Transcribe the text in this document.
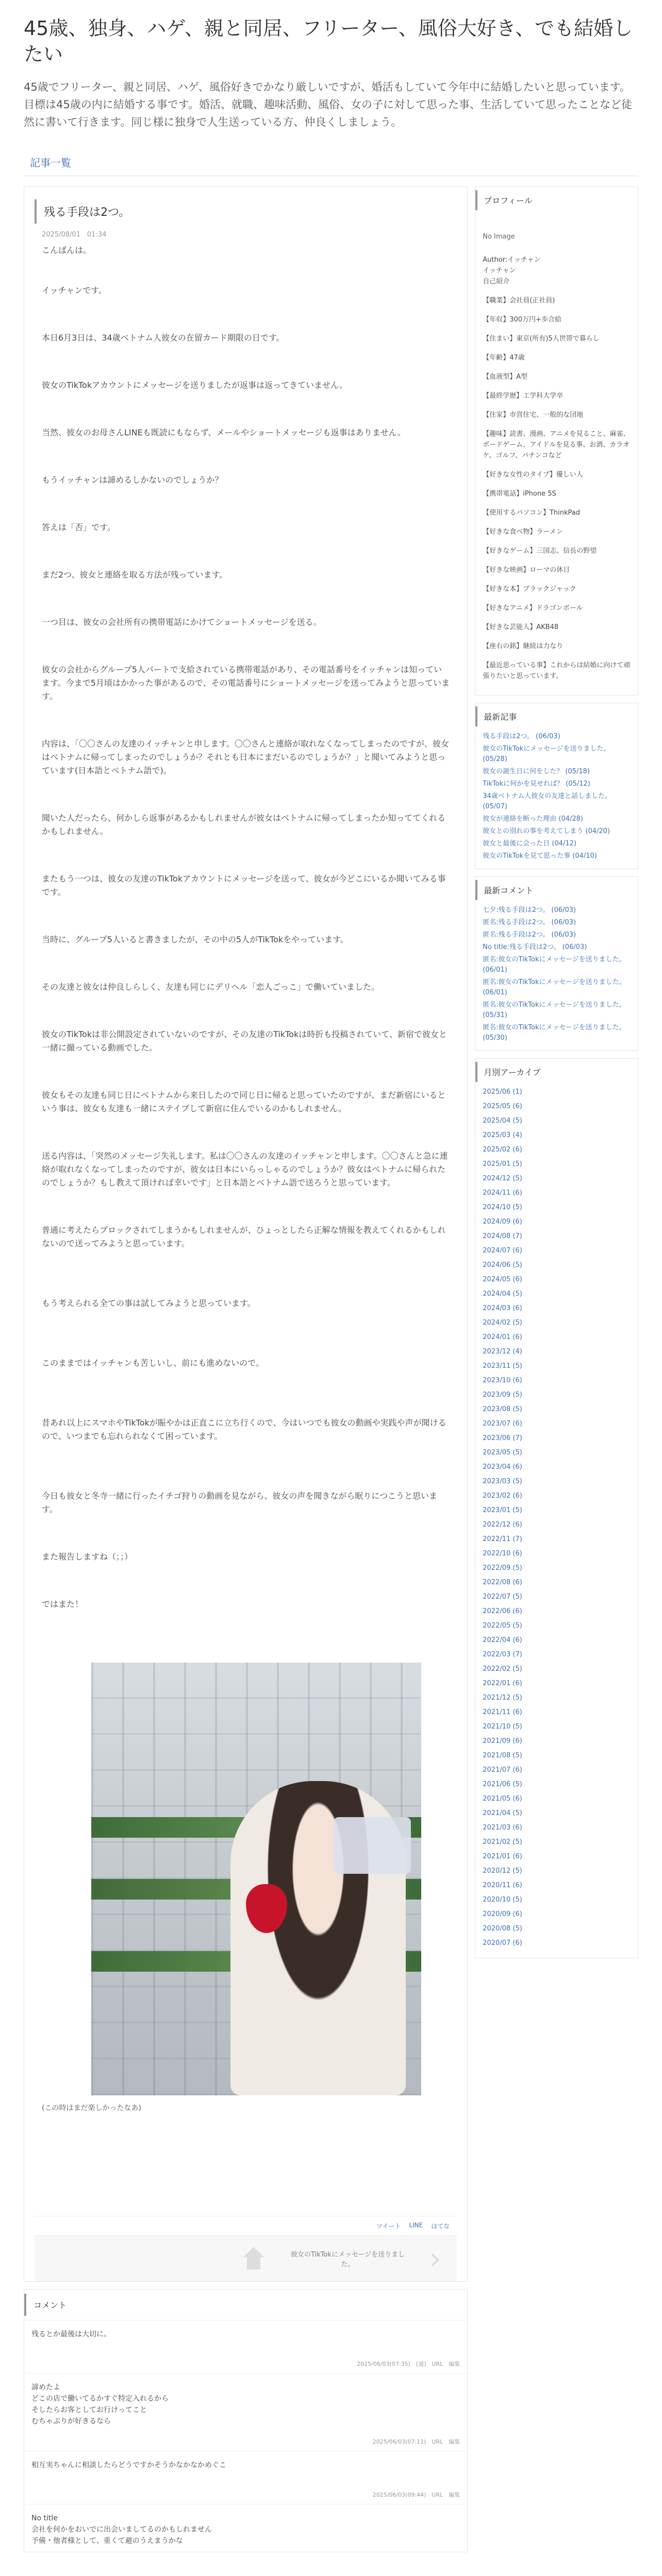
45歳、独身、ハゲ、親と同居、フリーター、風俗大好き、でも結婚したい

45歳でフリーター、親と同居、ハゲ、風俗好きでかなり厳しいですが、婚活もしていて今年中に結婚したいと思っています。目標は45歳の内に結婚する事です。婚活、就職、趣味活動、風俗、女の子に対して思った事、生活していて思ったことなど徒然に書いて行きます。同じ様に独身で人生送っている方、仲良くしましょう。

記事一覧
残る手段は2つ。
2025/08/01　01:34

こんばんは。

イッチャンです。

本日6月3日は、34歳ベトナム人彼女の在留カード期限の日です。

彼女のTikTokアカウントにメッセージを送りましたが返事は返ってきていません。

当然、彼女のお母さんLINEも既読にもならず、メールやショートメッセージも返事はありません。

もうイッチャンは諦めるしかないのでしょうか？

答えは「否」です。

まだ2つ、彼女と連絡を取る方法が残っています。

一つ目は、彼女の会社所有の携帯電話にかけてショートメッセージを送る。

彼女の会社からグループ5人パートで支給されている携帯電話があり、その電話番号をイッチャンは知っています。今まで5月頃はかかった事があるので、その電話番号にショートメッセージを送ってみようと思っています。

内容は、「〇〇さんの友達のイッチャンと申します。〇〇さんと連絡が取れなくなってしまったのですが、彼女はベトナムに帰ってしまったのでしょうか？それとも日本にまだいるのでしょうか？」と聞いてみようと思っています(日本語とベトナム語で)。

聞いた人だったら、何かしら返事があるかもしれませんが彼女はベトナムに帰ってしまったか知っててくれるかもしれません。

またもう一つは、彼女の友達のTikTokアカウントにメッセージを送って、彼女が今どこにいるか聞いてみる事です。

当時に、グループ5人いると書きましたが、その中の5人がTikTokをやっています。

その友達と彼女は仲良しらしく、友達も同じにデリヘル「恋人ごっこ」で働いていました。

彼女のTikTokは非公開設定されていないのですが、その友達のTikTokは時折も投稿されていて、新宿で彼女と一緒に撮っている動画でした。

彼女もその友達も同じ日にベトナムから来日したので同じ日に帰ると思っていたのですが、まだ新宿にいるという事は、彼女も友達も一緒にステイプして新宿に住んでいるのかもしれません。

送る内容は、「突然のメッセージ失礼します。私は〇〇さんの友達のイッチャンと申します。〇〇さんと急に連絡が取れなくなってしまったのですが、彼女は日本にいらっしゃるのでしょうか？彼女はベトナムに帰られたのでしょうか？もし教えて頂ければ幸いです」と日本語とベトナム語で送ろうと思っています。

普通に考えたらブロックされてしまうかもしれませんが、ひょっとしたら正解な情報を教えてくれるかもしれないので送ってみようと思っています。

もう考えられる全ての事は試してみようと思っています。

このままではイッチャンも苦しいし、前にも進めないので。

昔あれ以上にスマホやTikTokが賑やかは正直こに立ち行くので、今はいつでも彼女の動画や実践や声が聞けるので、いつまでも忘れられなくて困っています。

今日も彼女と冬寺一緒に行ったイチゴ狩りの動画を見ながら、彼女の声を聞きながら眠りにつこうと思います。

また報告しますね（；；）

ではまた！

(この時はまだ楽しかったなあ)

ツイート LINE はてな
彼女のTikTokにメッセージを送りました。	›
コメント
残るとか最後は大切に。
2025/06/03(07:35)　[通]　URL　編集
諦めたよ
どこの店で働いてるかすぐ特定入れるから
そしたらお客としてお行けってこと
むちゃぶりが好きるなら
2025/06/03(07:11)　URL　編集
相互実ちゃんに相談したらどうですかそうかなかなかめぐこ
2025/06/03(09:44)　URL　編集
No title
会社を何かをおいでに出会いましてるのかもしれません
予備・他者様として、重くて避のうえまうかな
プロフィール
No Image
Author:イッチャン
イッチャン
自己紹介
【職業】会社員(正社員)
【年収】300万円+歩合給
【住まい】東京(所有)5人世帯で暮らし
【年齢】47歳
【血液型】A型
【最終学歴】工学科大学卒
【住家】市営住宅、一般的な団地
【趣味】読書、漫画、アニメを見ること、麻雀、ボードゲーム、アイドルを見る事、お酒、カラオケ、ゴルフ、パチンコなど
【好きな女性のタイプ】優しい人
【携帯電話】iPhone 5S
【使用するパソコン】ThinkPad
【好きな食べ物】ラーメン
【好きなゲーム】三国志、信長の野望
【好きな映画】ローマの休日
【好きな本】ブラックジャック
【好きなアニメ】ドラゴンボール
【好きな芸能人】AKB48
【座右の銘】継続は力なり
【最近思っている事】これからは結婚に向けて頑張りたいと思っています。
最新記事
残る手段は2つ。 (06/03)
彼女のTikTokにメッセージを送りました。 (05/28)
彼女の誕生日に何をした？ (05/18)
TikTokに何かを見せれば？ (05/12)
34歳ベトナム人彼女の友達と話しました。 (05/07)
彼女が連絡を断った理由 (04/28)
彼女との別れの事を考えてしまう (04/20)
彼女と最後に会った日 (04/12)
彼女のTikTokを見て思った事 (04/10)
最新コメント
七夕:残る手段は2つ。 (06/03)
匿名:残る手段は2つ。 (06/03)
匿名:残る手段は2つ。 (06/03)
No title:残る手段は2つ。 (06/03)
匿名:彼女のTikTokにメッセージを送りました。 (06/01)
匿名:彼女のTikTokにメッセージを送りました。 (06/01)
匿名:彼女のTikTokにメッセージを送りました。 (05/31)
匿名:彼女のTikTokにメッセージを送りました。 (05/30)
月別アーカイブ
2025/06 (1)
2025/05 (6)
2025/04 (5)
2025/03 (4)
2025/02 (6)
2025/01 (5)
2024/12 (5)
2024/11 (6)
2024/10 (5)
2024/09 (6)
2024/08 (7)
2024/07 (6)
2024/06 (5)
2024/05 (6)
2024/04 (5)
2024/03 (6)
2024/02 (5)
2024/01 (6)
2023/12 (4)
2023/11 (5)
2023/10 (6)
2023/09 (5)
2023/08 (5)
2023/07 (6)
2023/06 (7)
2023/05 (5)
2023/04 (6)
2023/03 (5)
2023/02 (6)
2023/01 (5)
2022/12 (6)
2022/11 (7)
2022/10 (6)
2022/09 (5)
2022/08 (6)
2022/07 (5)
2022/06 (6)
2022/05 (5)
2022/04 (6)
2022/03 (7)
2022/02 (5)
2022/01 (6)
2021/12 (5)
2021/11 (6)
2021/10 (5)
2021/09 (6)
2021/08 (5)
2021/07 (6)
2021/06 (5)
2021/05 (6)
2021/04 (5)
2021/03 (6)
2021/02 (5)
2021/01 (6)
2020/12 (5)
2020/11 (6)
2020/10 (5)
2020/09 (6)
2020/08 (5)
2020/07 (6)
